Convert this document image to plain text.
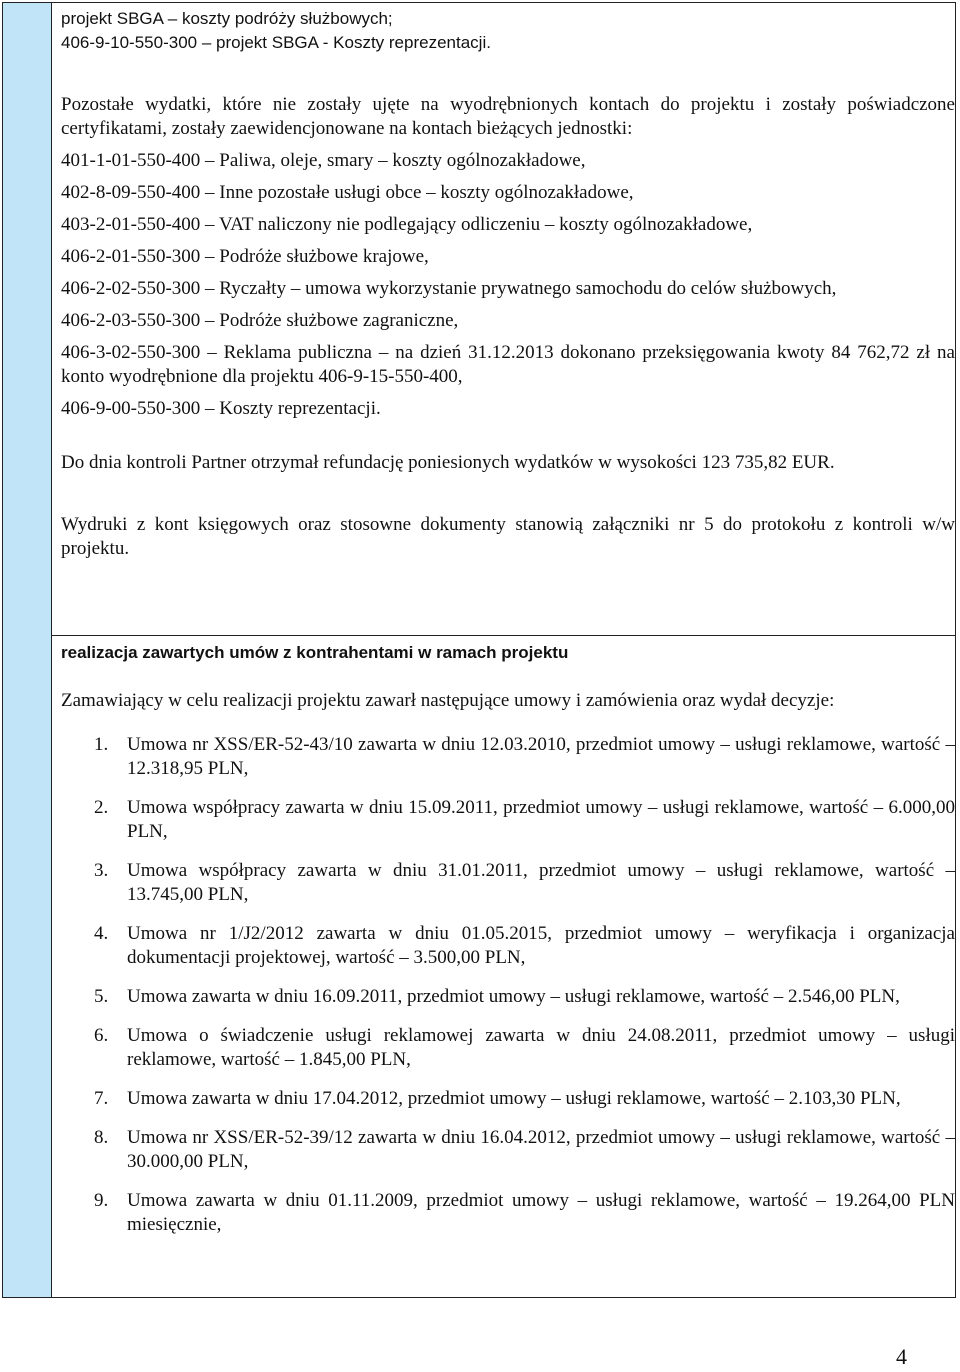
projekt SBGA – koszty podróży służbowych;

406-9-10-550-300 – projekt SBGA - Koszty reprezentacji.

Pozostałe wydatki, które nie zostały ujęte na wyodrębnionych kontach do projektu i zostały poświadczone certyfikatami, zostały zaewidencjonowane na kontach bieżących jednostki:

401-1-01-550-400 – Paliwa, oleje, smary – koszty ogólnozakładowe,

402-8-09-550-400 – Inne pozostałe usługi obce – koszty ogólnozakładowe,

403-2-01-550-400 – VAT naliczony nie podlegający odliczeniu – koszty ogólnozakładowe,

406-2-01-550-300 – Podróże służbowe krajowe,

406-2-02-550-300 – Ryczałty – umowa wykorzystanie prywatnego samochodu do celów służbowych,

406-2-03-550-300 – Podróże służbowe zagraniczne,

406-3-02-550-300 – Reklama publiczna – na dzień 31.12.2013 dokonano przeksięgowania kwoty 84 762,72 zł na konto wyodrębnione dla projektu 406-9-15-550-400,

406-9-00-550-300 – Koszty reprezentacji.

Do dnia kontroli Partner otrzymał refundację poniesionych wydatków w wysokości 123 735,82 EUR.

Wydruki z kont księgowych oraz stosowne dokumenty stanowią załączniki nr 5 do protokołu z kontroli w/w projektu.

realizacja zawartych umów z kontrahentami w ramach projektu

Zamawiający w celu realizacji projektu zawarł następujące umowy i zamówienia oraz wydał decyzje:

1. Umowa nr XSS/ER-52-43/10 zawarta w dniu 12.03.2010, przedmiot umowy – usługi reklamowe, wartość – 12.318,95 PLN,
2. Umowa współpracy zawarta w dniu 15.09.2011, przedmiot umowy – usługi reklamowe, wartość – 6.000,00 PLN,
3. Umowa współpracy zawarta w dniu 31.01.2011, przedmiot umowy – usługi reklamowe, wartość – 13.745,00 PLN,
4. Umowa nr 1/J2/2012 zawarta w dniu 01.05.2015, przedmiot umowy – weryfikacja i organizacja dokumentacji projektowej, wartość – 3.500,00 PLN,
5. Umowa zawarta w dniu 16.09.2011, przedmiot umowy – usługi reklamowe, wartość – 2.546,00 PLN,
6. Umowa o świadczenie usługi reklamowej zawarta w dniu 24.08.2011, przedmiot umowy – usługi reklamowe, wartość – 1.845,00 PLN,
7. Umowa zawarta w dniu 17.04.2012, przedmiot umowy – usługi reklamowe, wartość – 2.103,30 PLN,
8. Umowa nr XSS/ER-52-39/12 zawarta w dniu 16.04.2012, przedmiot umowy – usługi reklamowe, wartość – 30.000,00 PLN,
9. Umowa zawarta w dniu 01.11.2009, przedmiot umowy – usługi reklamowe, wartość – 19.264,00 PLN miesięcznie,
4
